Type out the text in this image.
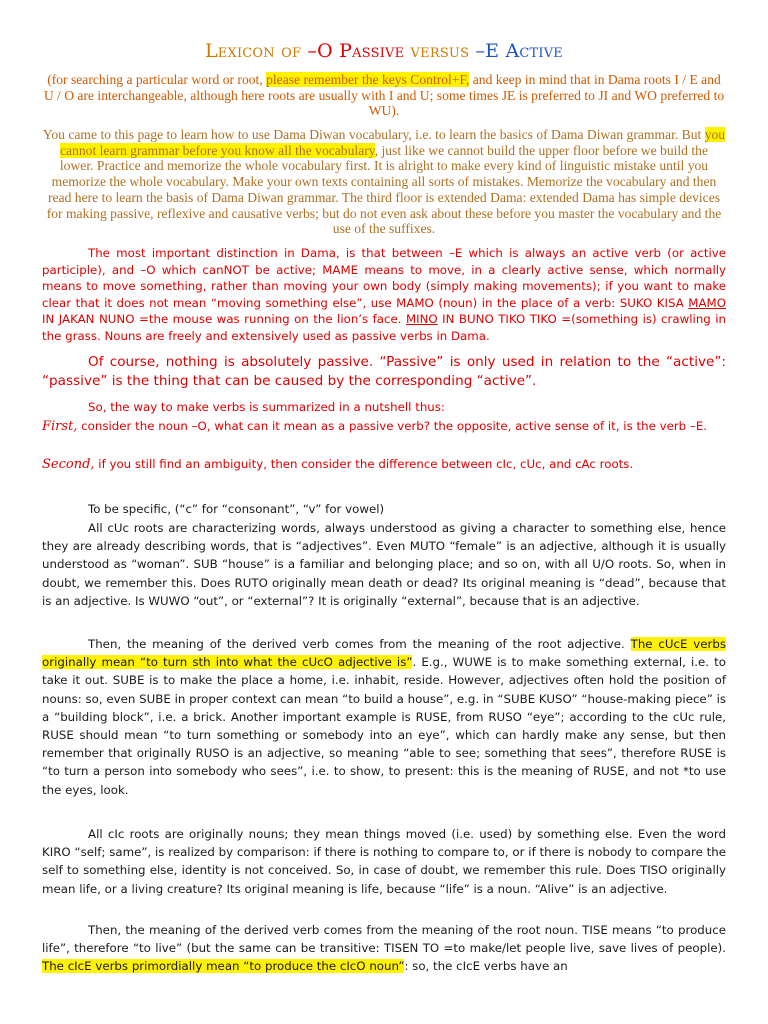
Lexicon of –O Passive versus –E Active

(for searching a particular word or root, please remember the keys Control+F, and keep in mind that in Dama roots I / E and U / O are interchangeable, although here roots are usually with I and U; some times JE is preferred to JI and WO preferred to WU).

You came to this page to learn how to use Dama Diwan vocabulary, i.e. to learn the basics of Dama Diwan grammar. But you cannot learn grammar before you know all the vocabulary, just like we cannot build the upper floor before we build the lower. Practice and memorize the whole vocabulary first. It is alright to make every kind of linguistic mistake until you memorize the whole vocabulary. Make your own texts containing all sorts of mistakes. Memorize the vocabulary and then read here to learn the basis of Dama Diwan grammar. The third floor is extended Dama: extended Dama has simple devices for making passive, reflexive and causative verbs; but do not even ask about these before you master the vocabulary and the use of the suffixes.

The most important distinction in Dama, is that between –E which is always an active verb (or active participle), and –O which canNOT be active; MAME means to move, in a clearly active sense, which normally means to move something, rather than moving your own body (simply making movements); if you want to make clear that it does not mean “moving something else”, use MAMO (noun) in the place of a verb: SUKO KISA MAMO IN JAKAN NUNO =the mouse was running on the lion’s face. MINO IN BUNO TIKO TIKO =(something is) crawling in the grass. Nouns are freely and extensively used as passive verbs in Dama.

Of course, nothing is absolutely passive. “Passive” is only used in relation to the “active”: “passive” is the thing that can be caused by the corresponding “active”.

So, the way to make verbs is summarized in a nutshell thus:

First, consider the noun –O, what can it mean as a passive verb? the opposite, active sense of it, is the verb –E.

Second, if you still find an ambiguity, then consider the difference between cIc, cUc, and cAc roots.

To be specific, (“c” for “consonant”, “v” for vowel)

All cUc roots are characterizing words, always understood as giving a character to something else, hence they are already describing words, that is “adjectives”. Even MUTO “female” is an adjective, although it is usually understood as “woman”. SUB “house” is a familiar and belonging place; and so on, with all U/O roots. So, when in doubt, we remember this. Does RUTO originally mean death or dead? Its original meaning is “dead”, because that is an adjective. Is WUWO “out”, or “external”? It is originally “external”, because that is an adjective.

Then, the meaning of the derived verb comes from the meaning of the root adjective. The cUcE verbs originally mean “to turn sth into what the cUcO adjective is”. E.g., WUWE is to make something external, i.e. to take it out. SUBE is to make the place a home, i.e. inhabit, reside. However, adjectives often hold the position of nouns: so, even SUBE in proper context can mean “to build a house”, e.g. in “SUBE KUSO” “house-making piece” is a “building block”, i.e. a brick. Another important example is RUSE, from RUSO “eye”; according to the cUc rule, RUSE should mean “to turn something or somebody into an eye”, which can hardly make any sense, but then remember that originally RUSO is an adjective, so meaning “able to see; something that sees”, therefore RUSE is “to turn a person into somebody who sees”, i.e. to show, to present: this is the meaning of RUSE, and not *to use the eyes, look.

All cIc roots are originally nouns; they mean things moved (i.e. used) by something else. Even the word KIRO “self; same”, is realized by comparison: if there is nothing to compare to, or if there is nobody to compare the self to something else, identity is not conceived. So, in case of doubt, we remember this rule. Does TISO originally mean life, or a living creature? Its original meaning is life, because “life” is a noun. “Alive” is an adjective.

Then, the meaning of the derived verb comes from the meaning of the root noun. TISE means “to produce life”, therefore “to live” (but the same can be transitive: TISEN TO =to make/let people live, save lives of people). The cIcE verbs primordially mean “to produce the cIcO noun”: so, the cIcE verbs have an
